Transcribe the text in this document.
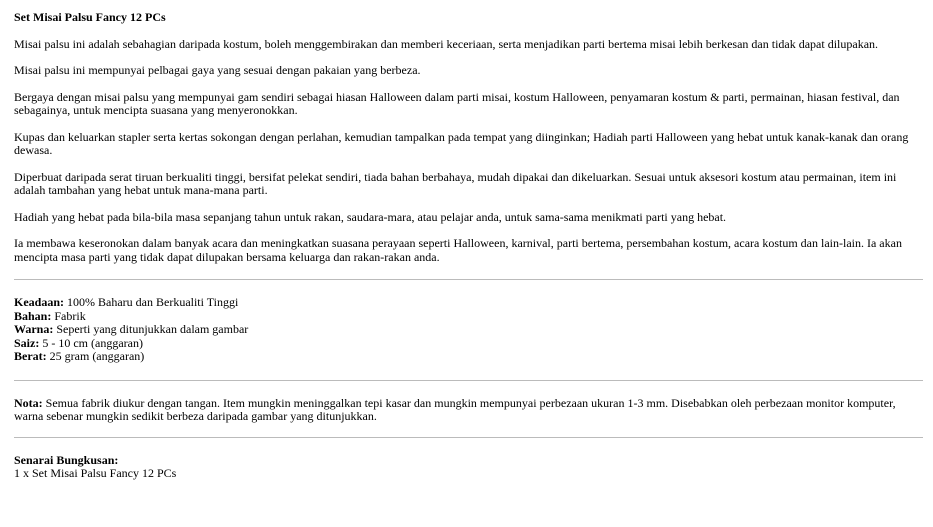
Set Misai Palsu Fancy 12 PCs

Misai palsu ini adalah sebahagian daripada kostum, boleh menggembirakan dan memberi keceriaan, serta menjadikan parti bertema misai lebih berkesan dan tidak dapat dilupakan.

Misai palsu ini mempunyai pelbagai gaya yang sesuai dengan pakaian yang berbeza.

Bergaya dengan misai palsu yang mempunyai gam sendiri sebagai hiasan Halloween dalam parti misai, kostum Halloween, penyamaran kostum & parti, permainan, hiasan festival, dan sebagainya, untuk mencipta suasana yang menyeronokkan.

Kupas dan keluarkan stapler serta kertas sokongan dengan perlahan, kemudian tampalkan pada tempat yang diinginkan; Hadiah parti Halloween yang hebat untuk kanak-kanak dan orang dewasa.

Diperbuat daripada serat tiruan berkualiti tinggi, bersifat pelekat sendiri, tiada bahan berbahaya, mudah dipakai dan dikeluarkan. Sesuai untuk aksesori kostum atau permainan, item ini adalah tambahan yang hebat untuk mana-mana parti.

Hadiah yang hebat pada bila-bila masa sepanjang tahun untuk rakan, saudara-mara, atau pelajar anda, untuk sama-sama menikmati parti yang hebat.

Ia membawa keseronokan dalam banyak acara dan meningkatkan suasana perayaan seperti Halloween, karnival, parti bertema, persembahan kostum, acara kostum dan lain-lain. Ia akan mencipta masa parti yang tidak dapat dilupakan bersama keluarga dan rakan-rakan anda.

Keadaan: 100% Baharu dan Berkualiti Tinggi
Bahan: Fabrik
Warna: Seperti yang ditunjukkan dalam gambar
Saiz: 5 - 10 cm (anggaran)
Berat: 25 gram (anggaran)
Nota: Semua fabrik diukur dengan tangan. Item mungkin meninggalkan tepi kasar dan mungkin mempunyai perbezaan ukuran 1-3 mm. Disebabkan oleh perbezaan monitor komputer, warna sebenar mungkin sedikit berbeza daripada gambar yang ditunjukkan.
Senarai Bungkusan:
1 x Set Misai Palsu Fancy 12 PCs
